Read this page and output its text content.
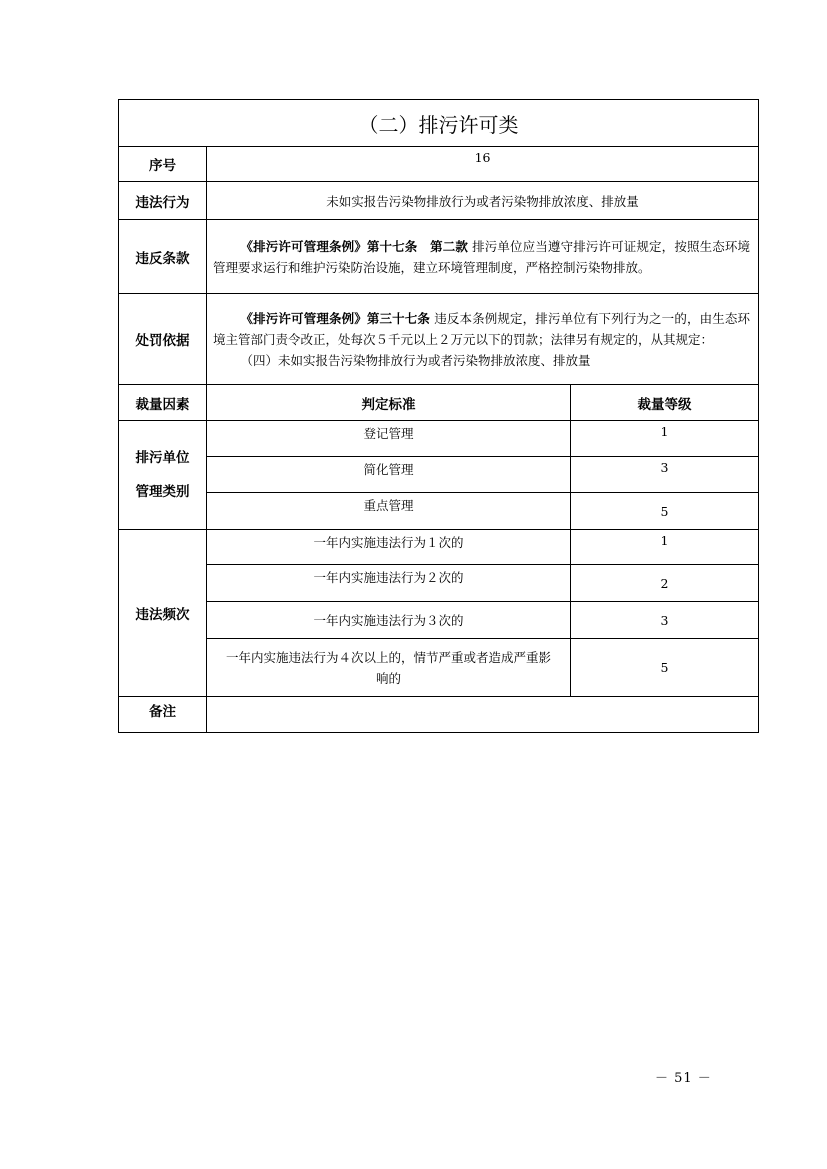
（二）排污许可类		
序号	16	
违法行为	未如实报告污染物排放行为或者污染物排放浓度、排放量	
违反条款	《排污许可管理条例》第十七条　第二款 排污单位应当遵守排污许可证规定，按照生态环境管理要求运行和维护污染防治设施，建立环境管理制度，严格控制污染物排放。	

处罚依据	《排污许可管理条例》第三十七条 违反本条例规定，排污单位有下列行为之一的，由生态环境主管部门责令改正，处每次５千元以上２万元以下的罚款；法律另有规定的，从其规定：
（四）未如实报告污染物排放行为或者污染物排放浓度、排放量	

裁量因素	判定标准	裁量等级

排污单位
管理类别	登记管理	1
	简化管理	3
	重点管理	5
违法频次	一年内实施违法行为１次的	1
	一年内实施违法行为２次的	2
	一年内实施违法行为３次的	3
	一年内实施违法行为４次以上的，情节严重或者造成严重影响的	5
备注		
－ 51 －
